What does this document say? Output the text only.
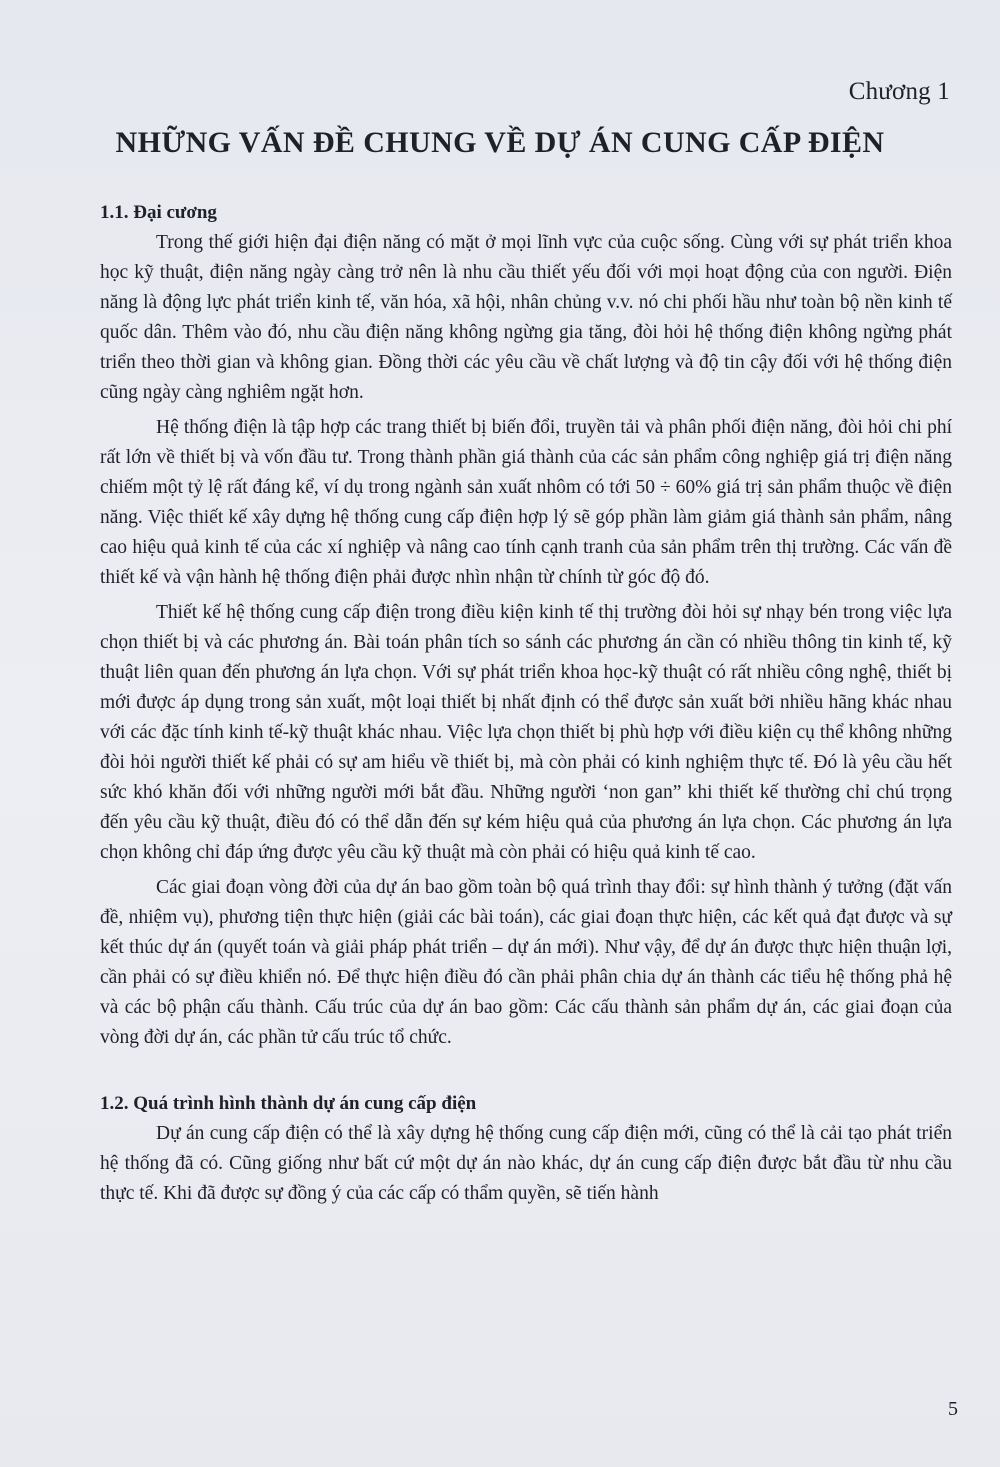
Chương 1
NHỮNG VẤN ĐỀ CHUNG VỀ DỰ ÁN CUNG CẤP ĐIỆN
1.1. Đại cương

Trong thế giới hiện đại điện năng có mặt ở mọi lĩnh vực của cuộc sống. Cùng với sự phát triển khoa học kỹ thuật, điện năng ngày càng trở nên là nhu cầu thiết yếu đối với mọi hoạt động của con người. Điện năng là động lực phát triển kinh tế, văn hóa, xã hội, nhân chủng v.v. nó chi phối hầu như toàn bộ nền kinh tế quốc dân. Thêm vào đó, nhu cầu điện năng không ngừng gia tăng, đòi hỏi hệ thống điện không ngừng phát triển theo thời gian và không gian. Đồng thời các yêu cầu về chất lượng và độ tin cậy đối với hệ thống điện cũng ngày càng nghiêm ngặt hơn.

Hệ thống điện là tập hợp các trang thiết bị biến đổi, truyền tải và phân phối điện năng, đòi hỏi chi phí rất lớn về thiết bị và vốn đầu tư. Trong thành phần giá thành của các sản phẩm công nghiệp giá trị điện năng chiếm một tỷ lệ rất đáng kể, ví dụ trong ngành sản xuất nhôm có tới 50 ÷ 60% giá trị sản phẩm thuộc về điện năng. Việc thiết kế xây dựng hệ thống cung cấp điện hợp lý sẽ góp phần làm giảm giá thành sản phẩm, nâng cao hiệu quả kinh tế của các xí nghiệp và nâng cao tính cạnh tranh của sản phẩm trên thị trường. Các vấn đề thiết kế và vận hành hệ thống điện phải được nhìn nhận từ chính từ góc độ đó.

Thiết kế hệ thống cung cấp điện trong điều kiện kinh tế thị trường đòi hỏi sự nhạy bén trong việc lựa chọn thiết bị và các phương án. Bài toán phân tích so sánh các phương án cần có nhiều thông tin kinh tế, kỹ thuật liên quan đến phương án lựa chọn. Với sự phát triển khoa học-kỹ thuật có rất nhiều công nghệ, thiết bị mới được áp dụng trong sản xuất, một loại thiết bị nhất định có thể được sản xuất bởi nhiều hãng khác nhau với các đặc tính kinh tế-kỹ thuật khác nhau. Việc lựa chọn thiết bị phù hợp với điều kiện cụ thể không những đòi hỏi người thiết kế phải có sự am hiểu về thiết bị, mà còn phải có kinh nghiệm thực tế. Đó là yêu cầu hết sức khó khăn đối với những người mới bắt đầu. Những người ‘non gan” khi thiết kế thường chỉ chú trọng đến yêu cầu kỹ thuật, điều đó có thể dẫn đến sự kém hiệu quả của phương án lựa chọn. Các phương án lựa chọn không chỉ đáp ứng được yêu cầu kỹ thuật mà còn phải có hiệu quả kinh tế cao.

Các giai đoạn vòng đời của dự án bao gồm toàn bộ quá trình thay đổi: sự hình thành ý tưởng (đặt vấn đề, nhiệm vụ), phương tiện thực hiện (giải các bài toán), các giai đoạn thực hiện, các kết quả đạt được và sự kết thúc dự án (quyết toán và giải pháp phát triển – dự án mới). Như vậy, để dự án được thực hiện thuận lợi, cần phải có sự điều khiển nó. Để thực hiện điều đó cần phải phân chia dự án thành các tiểu hệ thống phả hệ và các bộ phận cấu thành. Cấu trúc của dự án bao gồm: Các cấu thành sản phẩm dự án, các giai đoạn của vòng đời dự án, các phần tử cấu trúc tổ chức.

1.2. Quá trình hình thành dự án cung cấp điện

Dự án cung cấp điện có thể là xây dựng hệ thống cung cấp điện mới, cũng có thể là cải tạo phát triển hệ thống đã có. Cũng giống như bất cứ một dự án nào khác, dự án cung cấp điện được bắt đầu từ nhu cầu thực tế. Khi đã được sự đồng ý của các cấp có thẩm quyền, sẽ tiến hành

5
